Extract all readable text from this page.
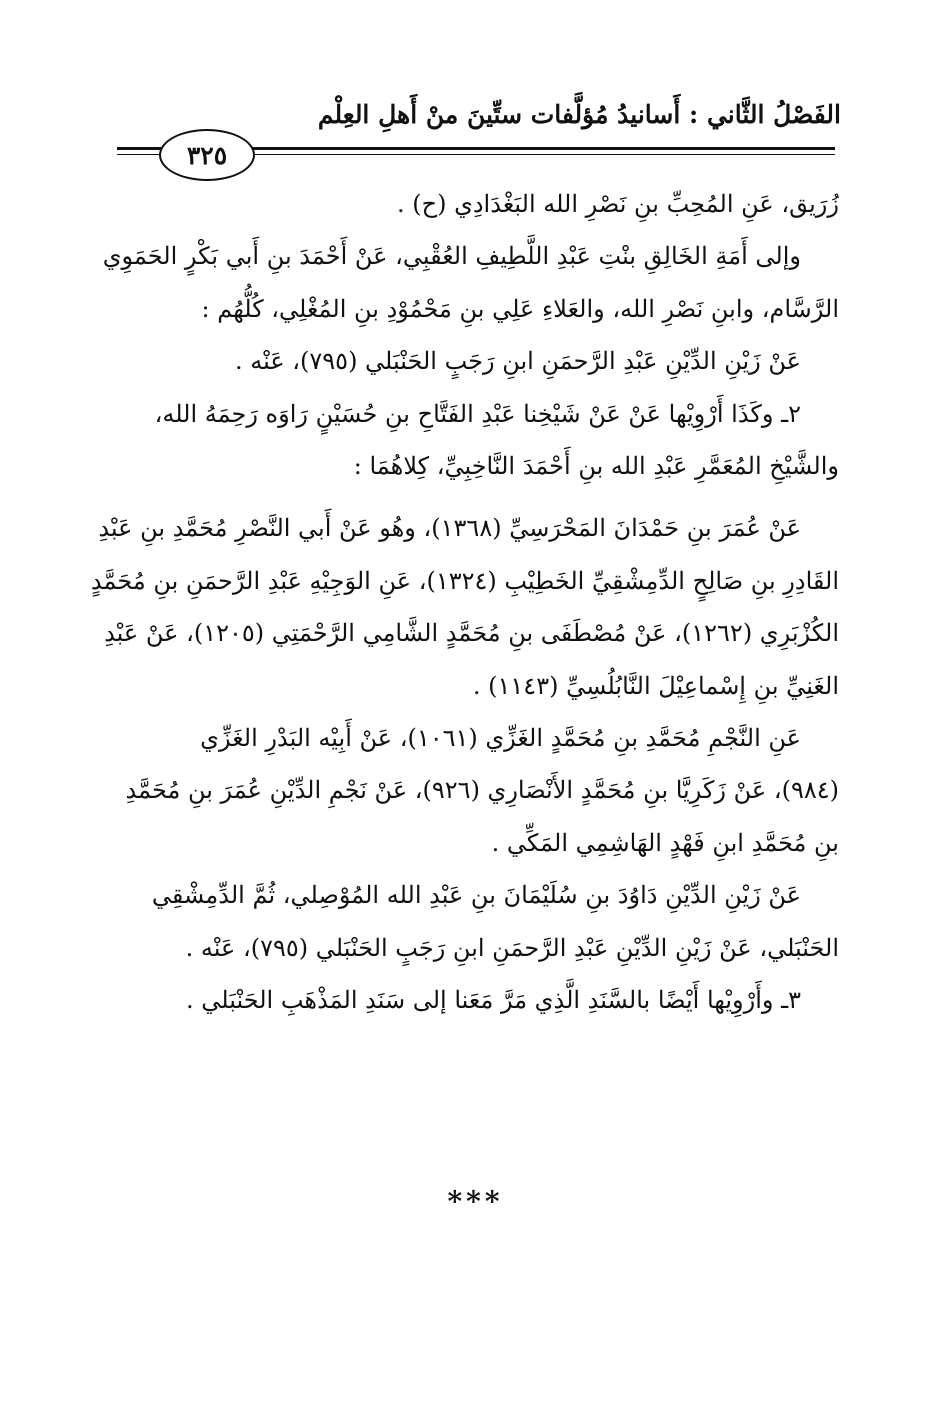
الفَصْلُ الثَّاني : أَسانيدُ مُؤلَّفات ستِّينَ منْ أَهلِ العِلْم
٣٢٥

زُرَيق، عَنِ المُحِبِّ بنِ نَصْرِ الله البَغْدَادِي (ح) .

وإلى أَمَةِ الخَالِقِ بنْتِ عَبْدِ اللَّطِيفِ العُقْبِي، عَنْ أَحْمَدَ بنِ أَبي بَكْرٍ الحَمَوِي

الرَّسَّام، وابنِ نَصْرِ الله، والعَلاءِ عَلِي بنِ مَحْمُوْدِ بنِ المُغْلِي، كُلُّهُم :

عَنْ زَيْنِ الدِّيْنِ عَبْدِ الرَّحمَنِ ابنِ رَجَبٍ الحَنْبَلي (٧٩٥)، عَنْه .

٢ـ وكَذَا أَرْوِيْها عَنْ عَنْ شَيْخِنا عَبْدِ الفَتَّاحِ بنِ حُسَيْنٍ رَاوَه رَحِمَهُ الله،

والشَّيْخِ المُعَمَّرِ عَبْدِ الله بنِ أَحْمَدَ النَّاخِبِيِّ، كِلاهُمَا :

عَنْ عُمَرَ بنِ حَمْدَانَ المَحْرَسِيِّ (١٣٦٨)، وهُو عَنْ أَبي النَّصْرِ مُحَمَّدِ بنِ عَبْدِ

القَادِرِ بنِ صَالِحٍ الدِّمِشْقِيِّ الخَطِيْبِ (١٣٢٤)، عَنِ الوَجِيْهِ عَبْدِ الرَّحمَنِ بنِ مُحَمَّدٍ

الكُزْبَرِي (١٢٦٢)، عَنْ مُصْطَفَى بنِ مُحَمَّدٍ الشَّامِي الرَّحْمَتِي (١٢٠٥)، عَنْ عَبْدِ

الغَنِيِّ بنِ إِسْماعِيْلَ النَّابُلُسِيِّ (١١٤٣) .

عَنِ النَّجْمِ مُحَمَّدِ بنِ مُحَمَّدٍ الغَزِّي (١٠٦١)، عَنْ أَبِيْه البَدْرِ الغَزِّي

(٩٨٤)، عَنْ زَكَرِيَّا بنِ مُحَمَّدٍ الأَنْصَارِي (٩٢٦)، عَنْ نَجْمِ الدِّيْنِ عُمَرَ بنِ مُحَمَّدِ

بنِ مُحَمَّدِ ابنِ فَهْدٍ الهَاشِمِي المَكِّي .

عَنْ زَيْنِ الدِّيْنِ دَاوُدَ بنِ سُلَيْمَانَ بنِ عَبْدِ الله المُوْصِلي، ثُمَّ الدِّمِشْقِي

الحَنْبَلي، عَنْ زَيْنِ الدِّيْنِ عَبْدِ الرَّحمَنِ ابنِ رَجَبٍ الحَنْبَلي (٧٩٥)، عَنْه .

٣ـ وأَرْوِيْها أَيْضًا بالسَّنَدِ الَّذِي مَرَّ مَعَنا إلى سَنَدِ المَذْهَبِ الحَنْبَلي .

***
